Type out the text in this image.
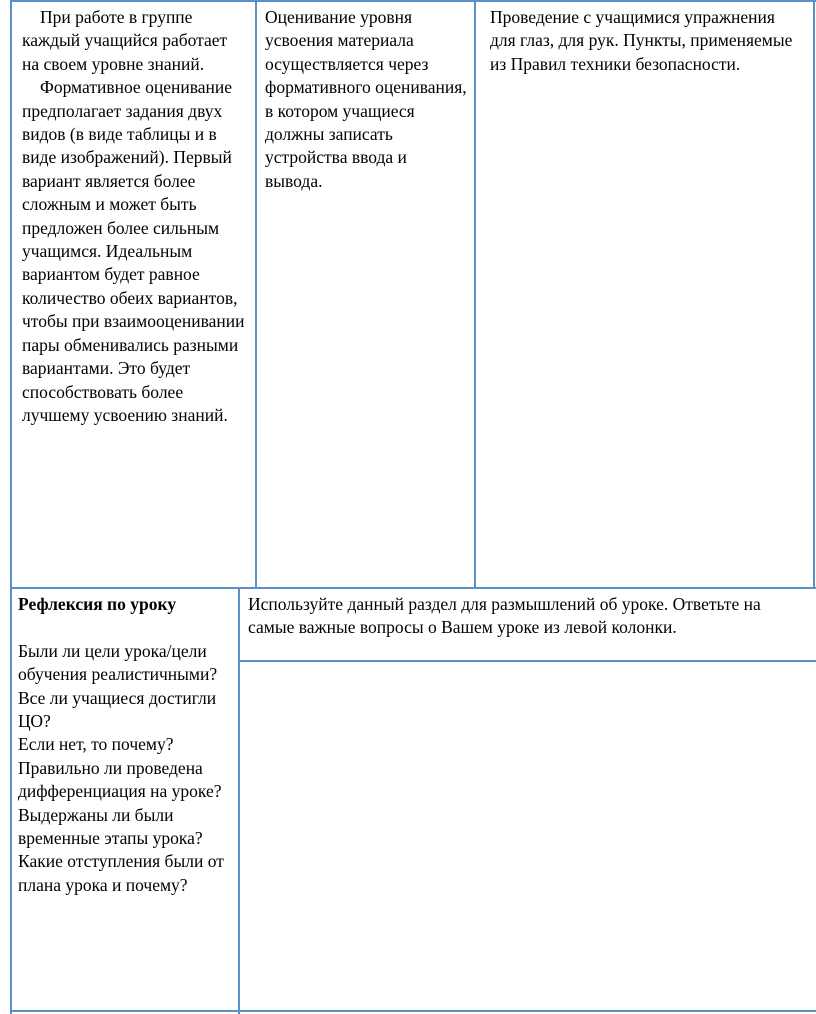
При работе в группе каждый учащийся работает на своем уровне знаний.

Формативное оценивание предполагает задания двух видов (в виде таблицы и в виде изображений). Первый вариант является более сложным и может быть предложен более сильным учащимся. Идеальным вариантом будет равное количество обеих вариантов, чтобы при взаимооценивании пары обменивались разными вариантами. Это будет способствовать более лучшему усвоению знаний.

Оценивание уровня усвоения материала осуществляется через формативного оценивания, в котором учащиеся должны записать устройства ввода и вывода.

Проведение с учащимися упражнения для глаз, для рук. Пункты, применяемые из Правил техники безопасности.

Рефлексия по уроку

Были ли цели урока/цели обучения реалистичными?

Все ли учащиеся достигли ЦО?

Если нет, то почему?

Правильно ли проведена дифференциация на уроке?

Выдержаны ли были временные этапы урока?

Какие отступления были от плана урока и почему?

Используйте данный раздел для размышлений об уроке. Ответьте на самые важные вопросы о Вашем уроке из левой колонки.
